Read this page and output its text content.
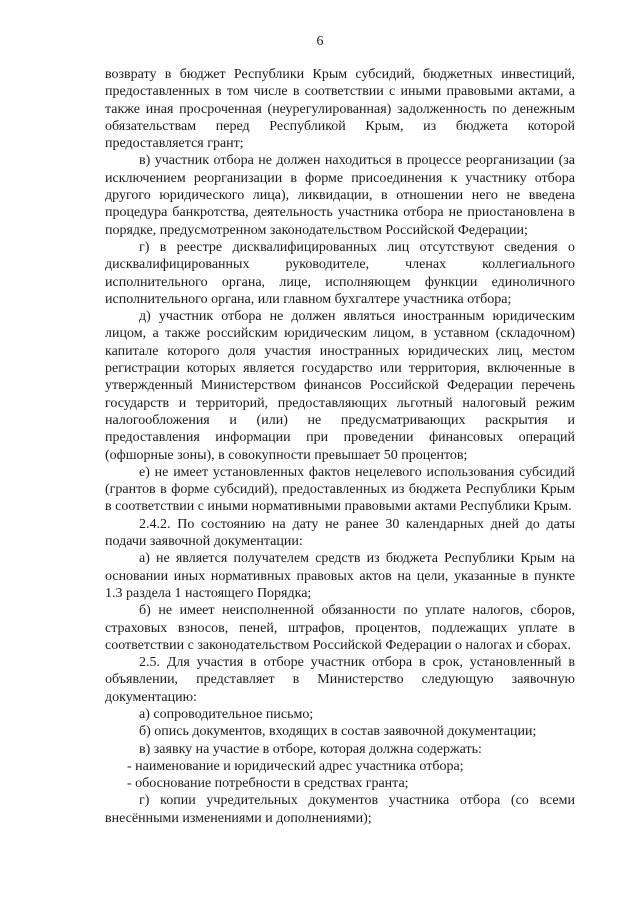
6

возврату в бюджет Республики Крым субсидий, бюджетных инвестиций, предоставленных в том числе в соответствии с иными правовыми актами, а также иная просроченная (неурегулированная) задолженность по денежным обязательствам перед Республикой Крым, из бюджета которой предоставляется грант;

в) участник отбора не должен находиться в процессе реорганизации (за исключением реорганизации в форме присоединения к участнику отбора другого юридического лица), ликвидации, в отношении него не введена процедура банкротства, деятельность участника отбора не приостановлена в порядке, предусмотренном законодательством Российской Федерации;

г) в реестре дисквалифицированных лиц отсутствуют сведения о дисквалифицированных руководителе, членах коллегиального исполнительного органа, лице, исполняющем функции единоличного исполнительного органа, или главном бухгалтере участника отбора;

д) участник отбора не должен являться иностранным юридическим лицом, а также российским юридическим лицом, в уставном (складочном) капитале которого доля участия иностранных юридических лиц, местом регистрации которых является государство или территория, включенные в утвержденный Министерством финансов Российской Федерации перечень государств и территорий, предоставляющих льготный налоговый режим налогообложения и (или) не предусматривающих раскрытия и предоставления информации при проведении финансовых операций (офшорные зоны), в совокупности превышает 50 процентов;

е) не имеет установленных фактов нецелевого использования субсидий (грантов в форме субсидий), предоставленных из бюджета Республики Крым в соответствии с иными нормативными правовыми актами Республики Крым.

2.4.2. По состоянию на дату не ранее 30 календарных дней до даты подачи заявочной документации:

а) не является получателем средств из бюджета Республики Крым на основании иных нормативных правовых актов на цели, указанные в пункте 1.3 раздела 1 настоящего Порядка;

б) не имеет неисполненной обязанности по уплате налогов, сборов, страховых взносов, пеней, штрафов, процентов, подлежащих уплате в соответствии с законодательством Российской Федерации о налогах и сборах.

2.5. Для участия в отборе участник отбора в срок, установленный в объявлении, представляет в Министерство следующую заявочную документацию:

а) сопроводительное письмо;

б) опись документов, входящих в состав заявочной документации;

в) заявку на участие в отборе, которая должна содержать:

- наименование и юридический адрес участника отбора;

- обоснование потребности в средствах гранта;

г) копии учредительных документов участника отбора (со всеми внесёнными изменениями и дополнениями);
